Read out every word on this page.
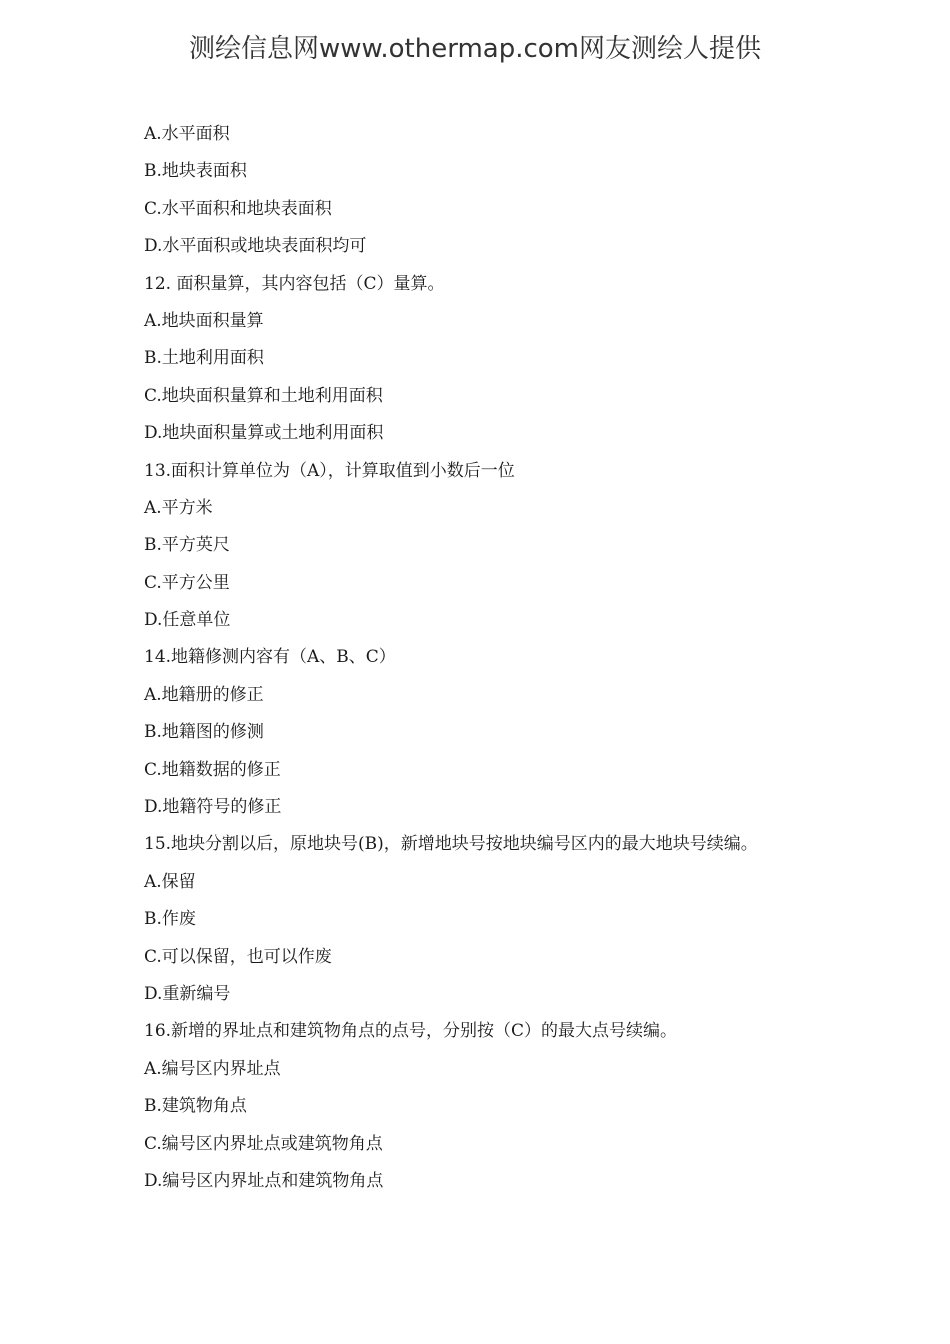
测绘信息网www.othermap.com网友测绘人提供
A.水平面积
B.地块表面积
C.水平面积和地块表面积
D.水平面积或地块表面积均可
12. 面积量算，其内容包括（C）量算。
A.地块面积量算
B.土地利用面积
C.地块面积量算和土地利用面积
D.地块面积量算或土地利用面积
13.面积计算单位为（A），计算取值到小数后一位
A.平方米
B.平方英尺
C.平方公里
D.任意单位
14.地籍修测内容有（A、B、C）
A.地籍册的修正
B.地籍图的修测
C.地籍数据的修正
D.地籍符号的修正
15.地块分割以后，原地块号(B)，新增地块号按地块编号区内的最大地块号续编。
A.保留
B.作废
C.可以保留，也可以作废
D.重新编号
16.新增的界址点和建筑物角点的点号，分别按（C）的最大点号续编。
A.编号区内界址点
B.建筑物角点
C.编号区内界址点或建筑物角点
D.编号区内界址点和建筑物角点
